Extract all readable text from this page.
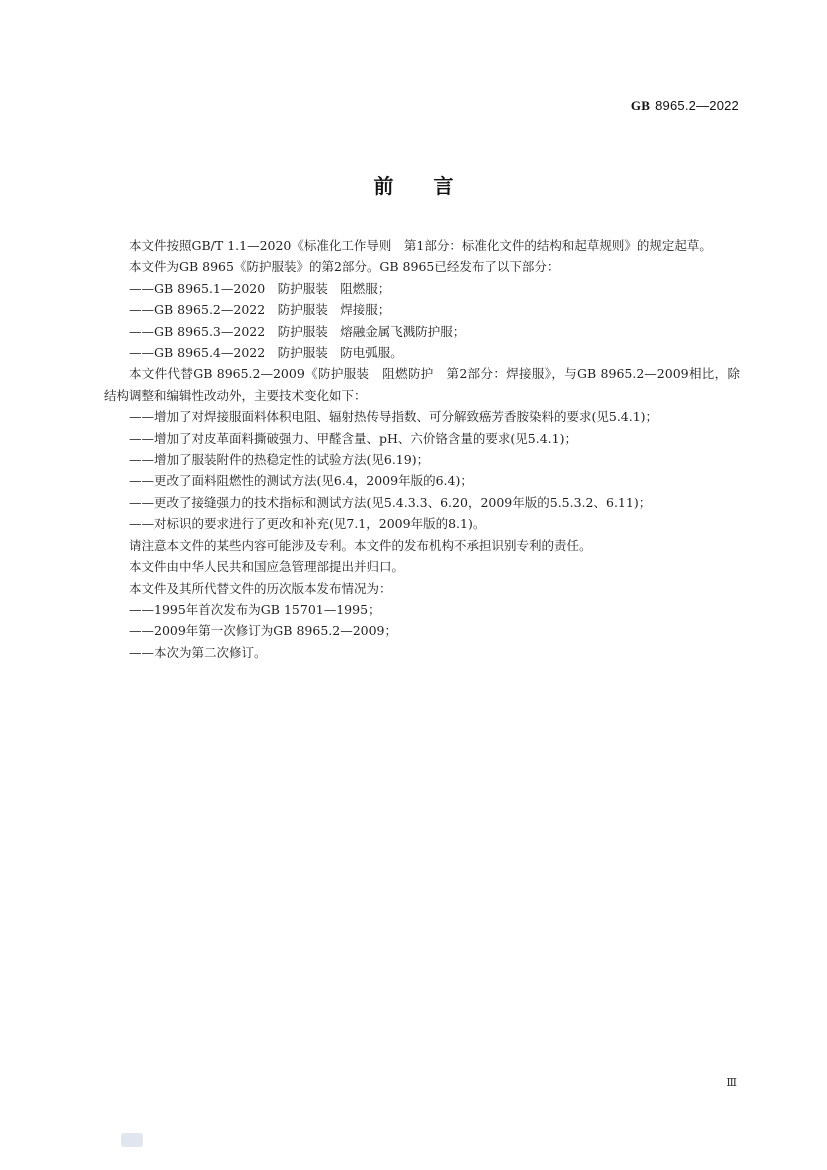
GB 8965.2—2022
前言

本文件按照GB/T 1.1—2020《标准化工作导则　第1部分：标准化文件的结构和起草规则》的规定起草。

本文件为GB 8965《防护服装》的第2部分。GB 8965已经发布了以下部分：

——GB 8965.1—2020　防护服装　阻燃服；

——GB 8965.2—2022　防护服装　焊接服；

——GB 8965.3—2022　防护服装　熔融金属飞溅防护服；

——GB 8965.4—2022　防护服装　防电弧服。

本文件代替GB 8965.2—2009《防护服装　阻燃防护　第2部分：焊接服》，与GB 8965.2—2009相比，除结构调整和编辑性改动外，主要技术变化如下：

——增加了对焊接服面料体积电阻、辐射热传导指数、可分解致癌芳香胺染料的要求(见5.4.1)；

——增加了对皮革面料撕破强力、甲醛含量、pH、六价铬含量的要求(见5.4.1)；

——增加了服装附件的热稳定性的试验方法(见6.19)；

——更改了面料阻燃性的测试方法(见6.4，2009年版的6.4)；

——更改了接缝强力的技术指标和测试方法(见5.4.3.3、6.20，2009年版的5.5.3.2、6.11)；

——对标识的要求进行了更改和补充(见7.1，2009年版的8.1)。

请注意本文件的某些内容可能涉及专利。本文件的发布机构不承担识别专利的责任。

本文件由中华人民共和国应急管理部提出并归口。

本文件及其所代替文件的历次版本发布情况为：

——1995年首次发布为GB 15701—1995；

——2009年第一次修订为GB 8965.2—2009；

——本次为第二次修订。

Ⅲ
